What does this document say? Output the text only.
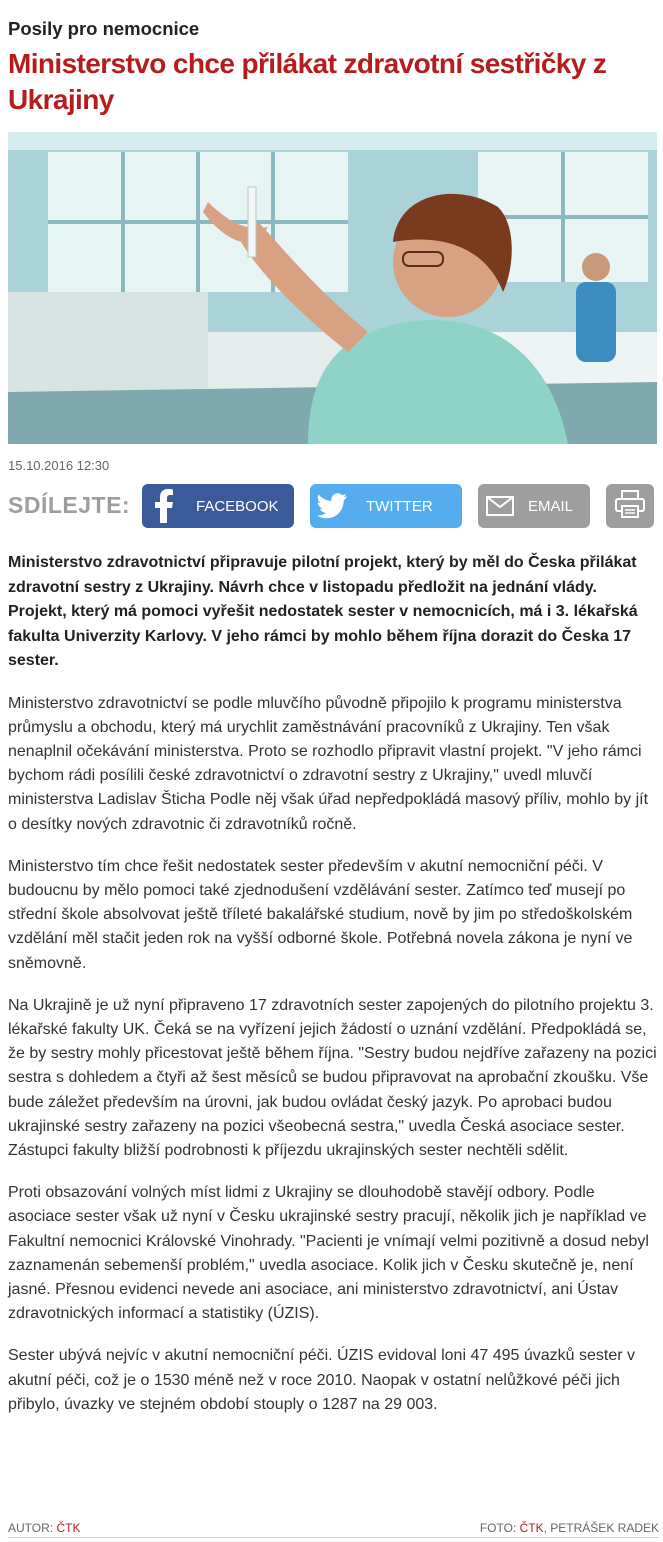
Posily pro nemocnice
Ministerstvo chce přilákat zdravotní sestřičky z Ukrajiny
15.10.2016 12:30
SDÍLEJTE:	FACEBOOK	TWITTER	EMAIL
Ministerstvo zdravotnictví připravuje pilotní projekt, který by měl do Česka přilákat zdravotní sestry z Ukrajiny. Návrh chce v listopadu předložit na jednání vlády. Projekt, který má pomoci vyřešit nedostatek sester v nemocnicích, má i 3. lékařská fakulta Univerzity Karlovy. V jeho rámci by mohlo během října dorazit do Česka 17 sester.
Ministerstvo zdravotnictví se podle mluvčího původně připojilo k programu ministerstva průmyslu a obchodu, který má urychlit zaměstnávání pracovníků z Ukrajiny. Ten však nenaplnil očekávání ministerstva. Proto se rozhodlo připravit vlastní projekt. "V jeho rámci bychom rádi posílili české zdravotnictví o zdravotní sestry z Ukrajiny," uvedl mluvčí ministerstva Ladislav Šticha Podle něj však úřad nepředpokládá masový příliv, mohlo by jít o desítky nových zdravotnic či zdravotníků ročně.
Ministerstvo tím chce řešit nedostatek sester především v akutní nemocniční péči. V budoucnu by mělo pomoci také zjednodušení vzdělávání sester. Zatímco teď musejí po střední škole absolvovat ještě tříleté bakalářské studium, nově by jim po středoškolském vzdělání měl stačit jeden rok na vyšší odborné škole. Potřebná novela zákona je nyní ve sněmovně.
Na Ukrajině je už nyní připraveno 17 zdravotních sester zapojených do pilotního projektu 3. lékařské fakulty UK. Čeká se na vyřízení jejich žádostí o uznání vzdělání. Předpokládá se, že by sestry mohly přicestovat ještě během října. "Sestry budou nejdříve zařazeny na pozici sestra s dohledem a čtyři až šest měsíců se budou připravovat na aprobační zkoušku. Vše bude záležet především na úrovni, jak budou ovládat český jazyk. Po aprobaci budou ukrajinské sestry zařazeny na pozici všeobecná sestra," uvedla Česká asociace sester. Zástupci fakulty bližší podrobnosti k příjezdu ukrajinských sester nechtěli sdělit.
Proti obsazování volných míst lidmi z Ukrajiny se dlouhodobě stavějí odbory. Podle asociace sester však už nyní v Česku ukrajinské sestry pracují, několik jich je například ve Fakultní nemocnici Královské Vinohrady. "Pacienti je vnímají velmi pozitivně a dosud nebyl zaznamenán sebemenší problém," uvedla asociace. Kolik jich v Česku skutečně je, není jasné. Přesnou evidenci nevede ani asociace, ani ministerstvo zdravotnictví, ani Ústav zdravotnických informací a statistiky (ÚZIS).
Sester ubývá nejvíc v akutní nemocniční péči. ÚZIS evidoval loni 47 495 úvazků sester v akutní péči, což je o 1530 méně než v roce 2010. Naopak v ostatní nelůžkové péči jich přibylo, úvazky ve stejném období stouply o 1287 na 29 003.
AUTOR: ČTK	FOTO: ČTK, PETRÁŠEK RADEK
